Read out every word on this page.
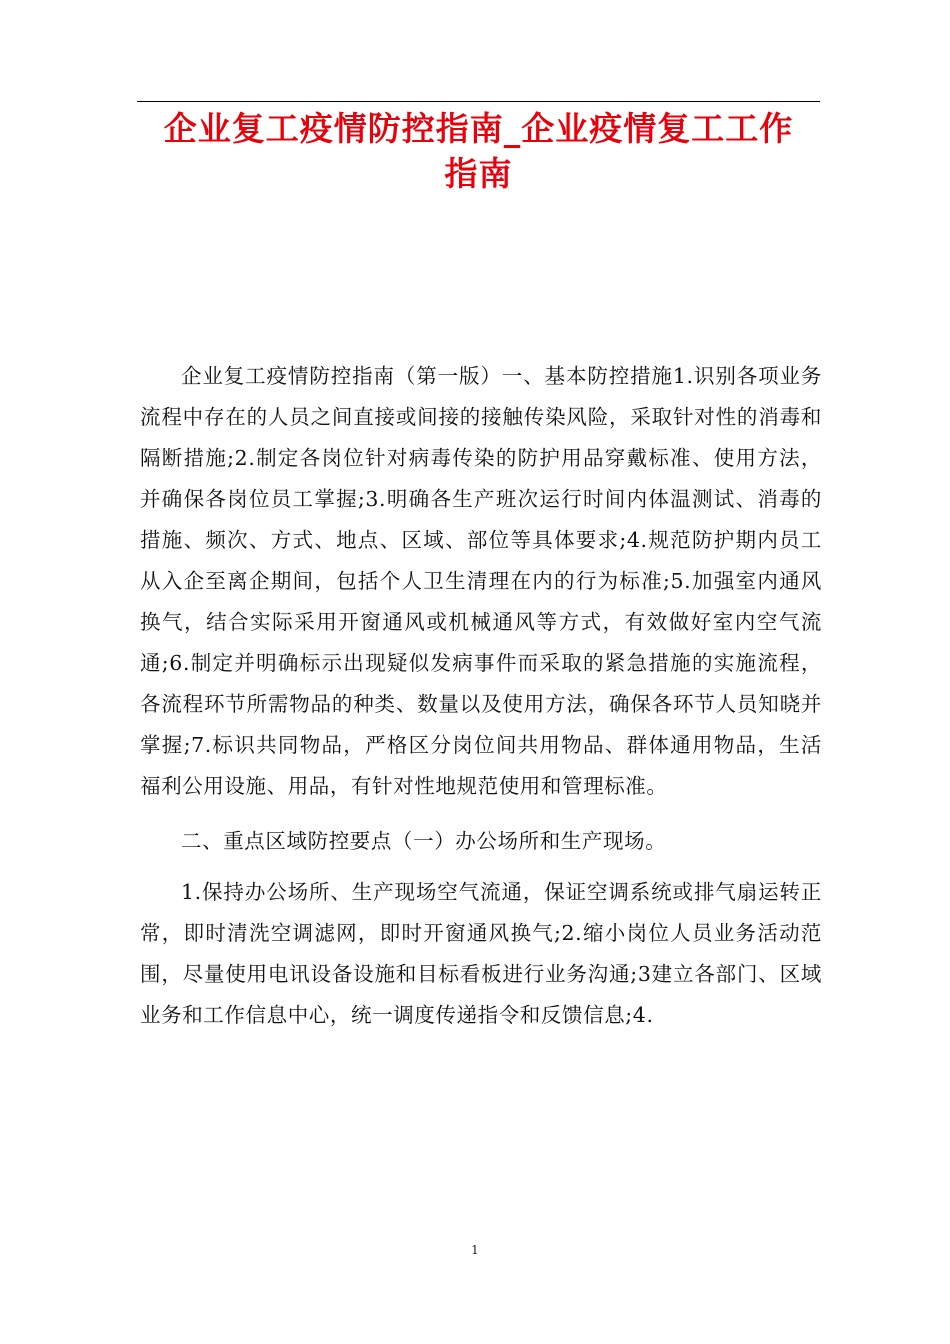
企业复工疫情防控指南_企业疫情复工工作
指南

企业复工疫情防控指南（第一版）一、基本防控措施1.识别各项业务流程中存在的人员之间直接或间接的接触传染风险，采取针对性的消毒和隔断措施;2.制定各岗位针对病毒传染的防护用品穿戴标准、使用方法，并确保各岗位员工掌握;3.明确各生产班次运行时间内体温测试、消毒的措施、频次、方式、地点、区域、部位等具体要求;4.规范防护期内员工从入企至离企期间，包括个人卫生清理在内的行为标准;5.加强室内通风换气，结合实际采用开窗通风或机械通风等方式，有效做好室内空气流通;6.制定并明确标示出现疑似发病事件而采取的紧急措施的实施流程，各流程环节所需物品的种类、数量以及使用方法，确保各环节人员知晓并掌握;7.标识共同物品，严格区分岗位间共用物品、群体通用物品，生活福利公用设施、用品，有针对性地规范使用和管理标准。

二、重点区域防控要点（一）办公场所和生产现场。

1.保持办公场所、生产现场空气流通，保证空调系统或排气扇运转正常，即时清洗空调滤网，即时开窗通风换气;2.缩小岗位人员业务活动范围，尽量使用电讯设备设施和目标看板进行业务沟通;3建立各部门、区域业务和工作信息中心，统一调度传递指令和反馈信息;4.

1
